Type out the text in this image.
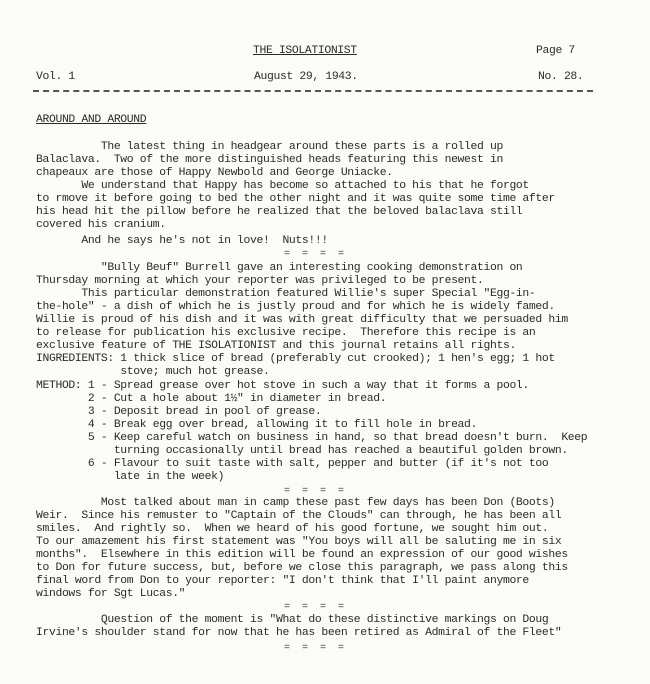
THE ISOLATIONIST	Page 7
Vol. 1	August 29, 1943.	No. 28.
AROUND AND AROUND
The latest thing in headgear around these parts is a rolled up
Balaclava.  Two of the more distinguished heads featuring this newest in
chapeaux are those of Happy Newbold and George Uniacke.
We understand that Happy has become so attached to his that he forgot
to rmove it before going to bed the other night and it was quite some time after
his head hit the pillow before he realized that the beloved balaclava still
covered his cranium.
And he says he's not in love!  Nuts!!!
= = = =
"Bully Beuf" Burrell gave an interesting cooking demonstration on
Thursday morning at which your reporter was privileged to be present.
This particular demonstration featured Willie's super Special "Egg-in-
the-hole" - a dish of which he is justly proud and for which he is widely famed.
Willie is proud of his dish and it was with great difficulty that we persuaded him
to release for publication his exclusive recipe.  Therefore this recipe is an
exclusive feature of THE ISOLATIONIST and this journal retains all rights.
INGREDIENTS: 1 thick slice of bread (preferably cut crooked); 1 hen's egg; 1 hot
stove; much hot grease.
METHOD: 1 - Spread grease over hot stove in such a way that it forms a pool.
2 - Cut a hole about 1½" in diameter in bread.
3 - Deposit bread in pool of grease.
4 - Break egg over bread, allowing it to fill hole in bread.
5 - Keep careful watch on business in hand, so that bread doesn't burn.  Keep
turning occasionally until bread has reached a beautiful golden brown.
6 - Flavour to suit taste with salt, pepper and butter (if it's not too
late in the week)
= = = =
Most talked about man in camp these past few days has been Don (Boots)
Weir.  Since his remuster to "Captain of the Clouds" can through, he has been all
smiles.  And rightly so.  When we heard of his good fortune, we sought him out.
To our amazement his first statement was "You boys will all be saluting me in six
months".  Elsewhere in this edition will be found an expression of our good wishes
to Don for future success, but, before we close this paragraph, we pass along this
final word from Don to your reporter: "I don't think that I'll paint anymore
windows for Sgt Lucas."
= = = =
Question of the moment is "What do these distinctive markings on Doug
Irvine's shoulder stand for now that he has been retired as Admiral of the Fleet"
= = = =
